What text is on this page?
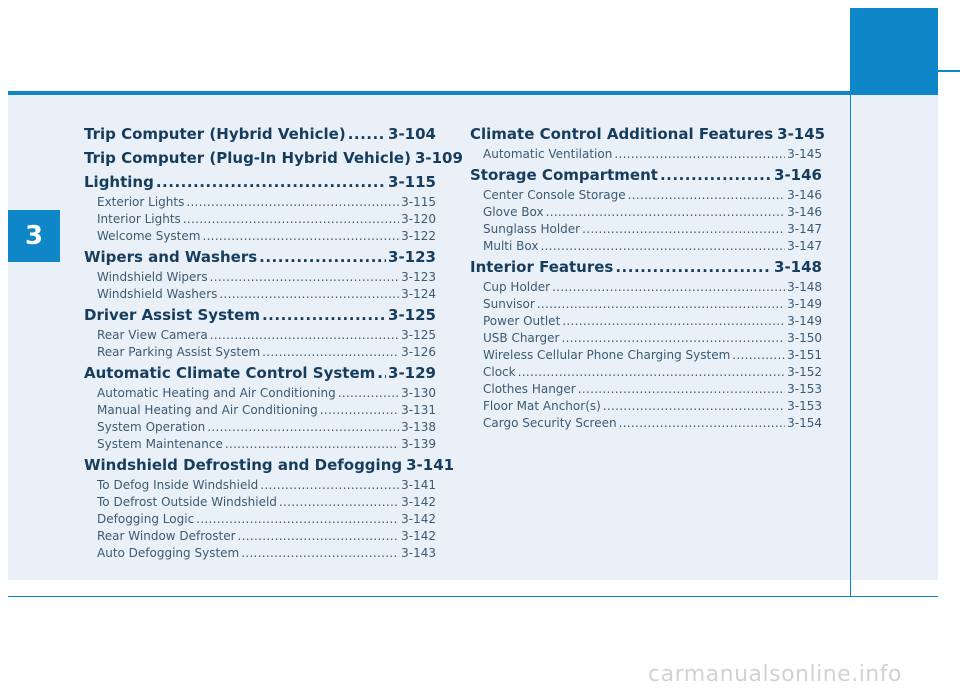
3
Trip Computer (Hybrid Vehicle) .....	3-104
Trip Computer (Plug-In Hybrid Vehicle) 3-109
Lighting .....	3-115
Exterior Lights .....	3-115
Interior Lights .....	3-120
Welcome System .....	3-122
Wipers and Washers .....	3-123
Windshield Wipers .....	3-123
Windshield Washers .....	3-124
Driver Assist System .....	3-125
Rear View Camera .....	3-125
Rear Parking Assist System .....	3-126
Automatic Climate Control System ..... 3-129
Automatic Heating and Air Conditioning .....	3-130
Manual Heating and Air Conditioning .....	3-131
System Operation .....	3-138
System Maintenance .....	3-139
Windshield Defrosting and Defogging 3-141
To Defog Inside Windshield .....	3-141
To Defrost Outside Windshield .....	3-142
Defogging Logic .....	3-142
Rear Window Defroster .....	3-142
Auto Defogging System .....	3-143
Climate Control Additional Features 3-145
Automatic Ventilation .....	3-145
Storage Compartment .....	3-146
Center Console Storage .....	3-146
Glove Box .....	3-146
Sunglass Holder .....	3-147
Multi Box .....	3-147
Interior Features .....	3-148
Cup Holder .....	3-148
Sunvisor .....	3-149
Power Outlet .....	3-149
USB Charger .....	3-150
Wireless Cellular Phone Charging System .....	3-151
Clock .....	3-152
Clothes Hanger .....	3-153
Floor Mat Anchor(s) .....	3-153
Cargo Security Screen .....	3-154
carmanualsonline.info
